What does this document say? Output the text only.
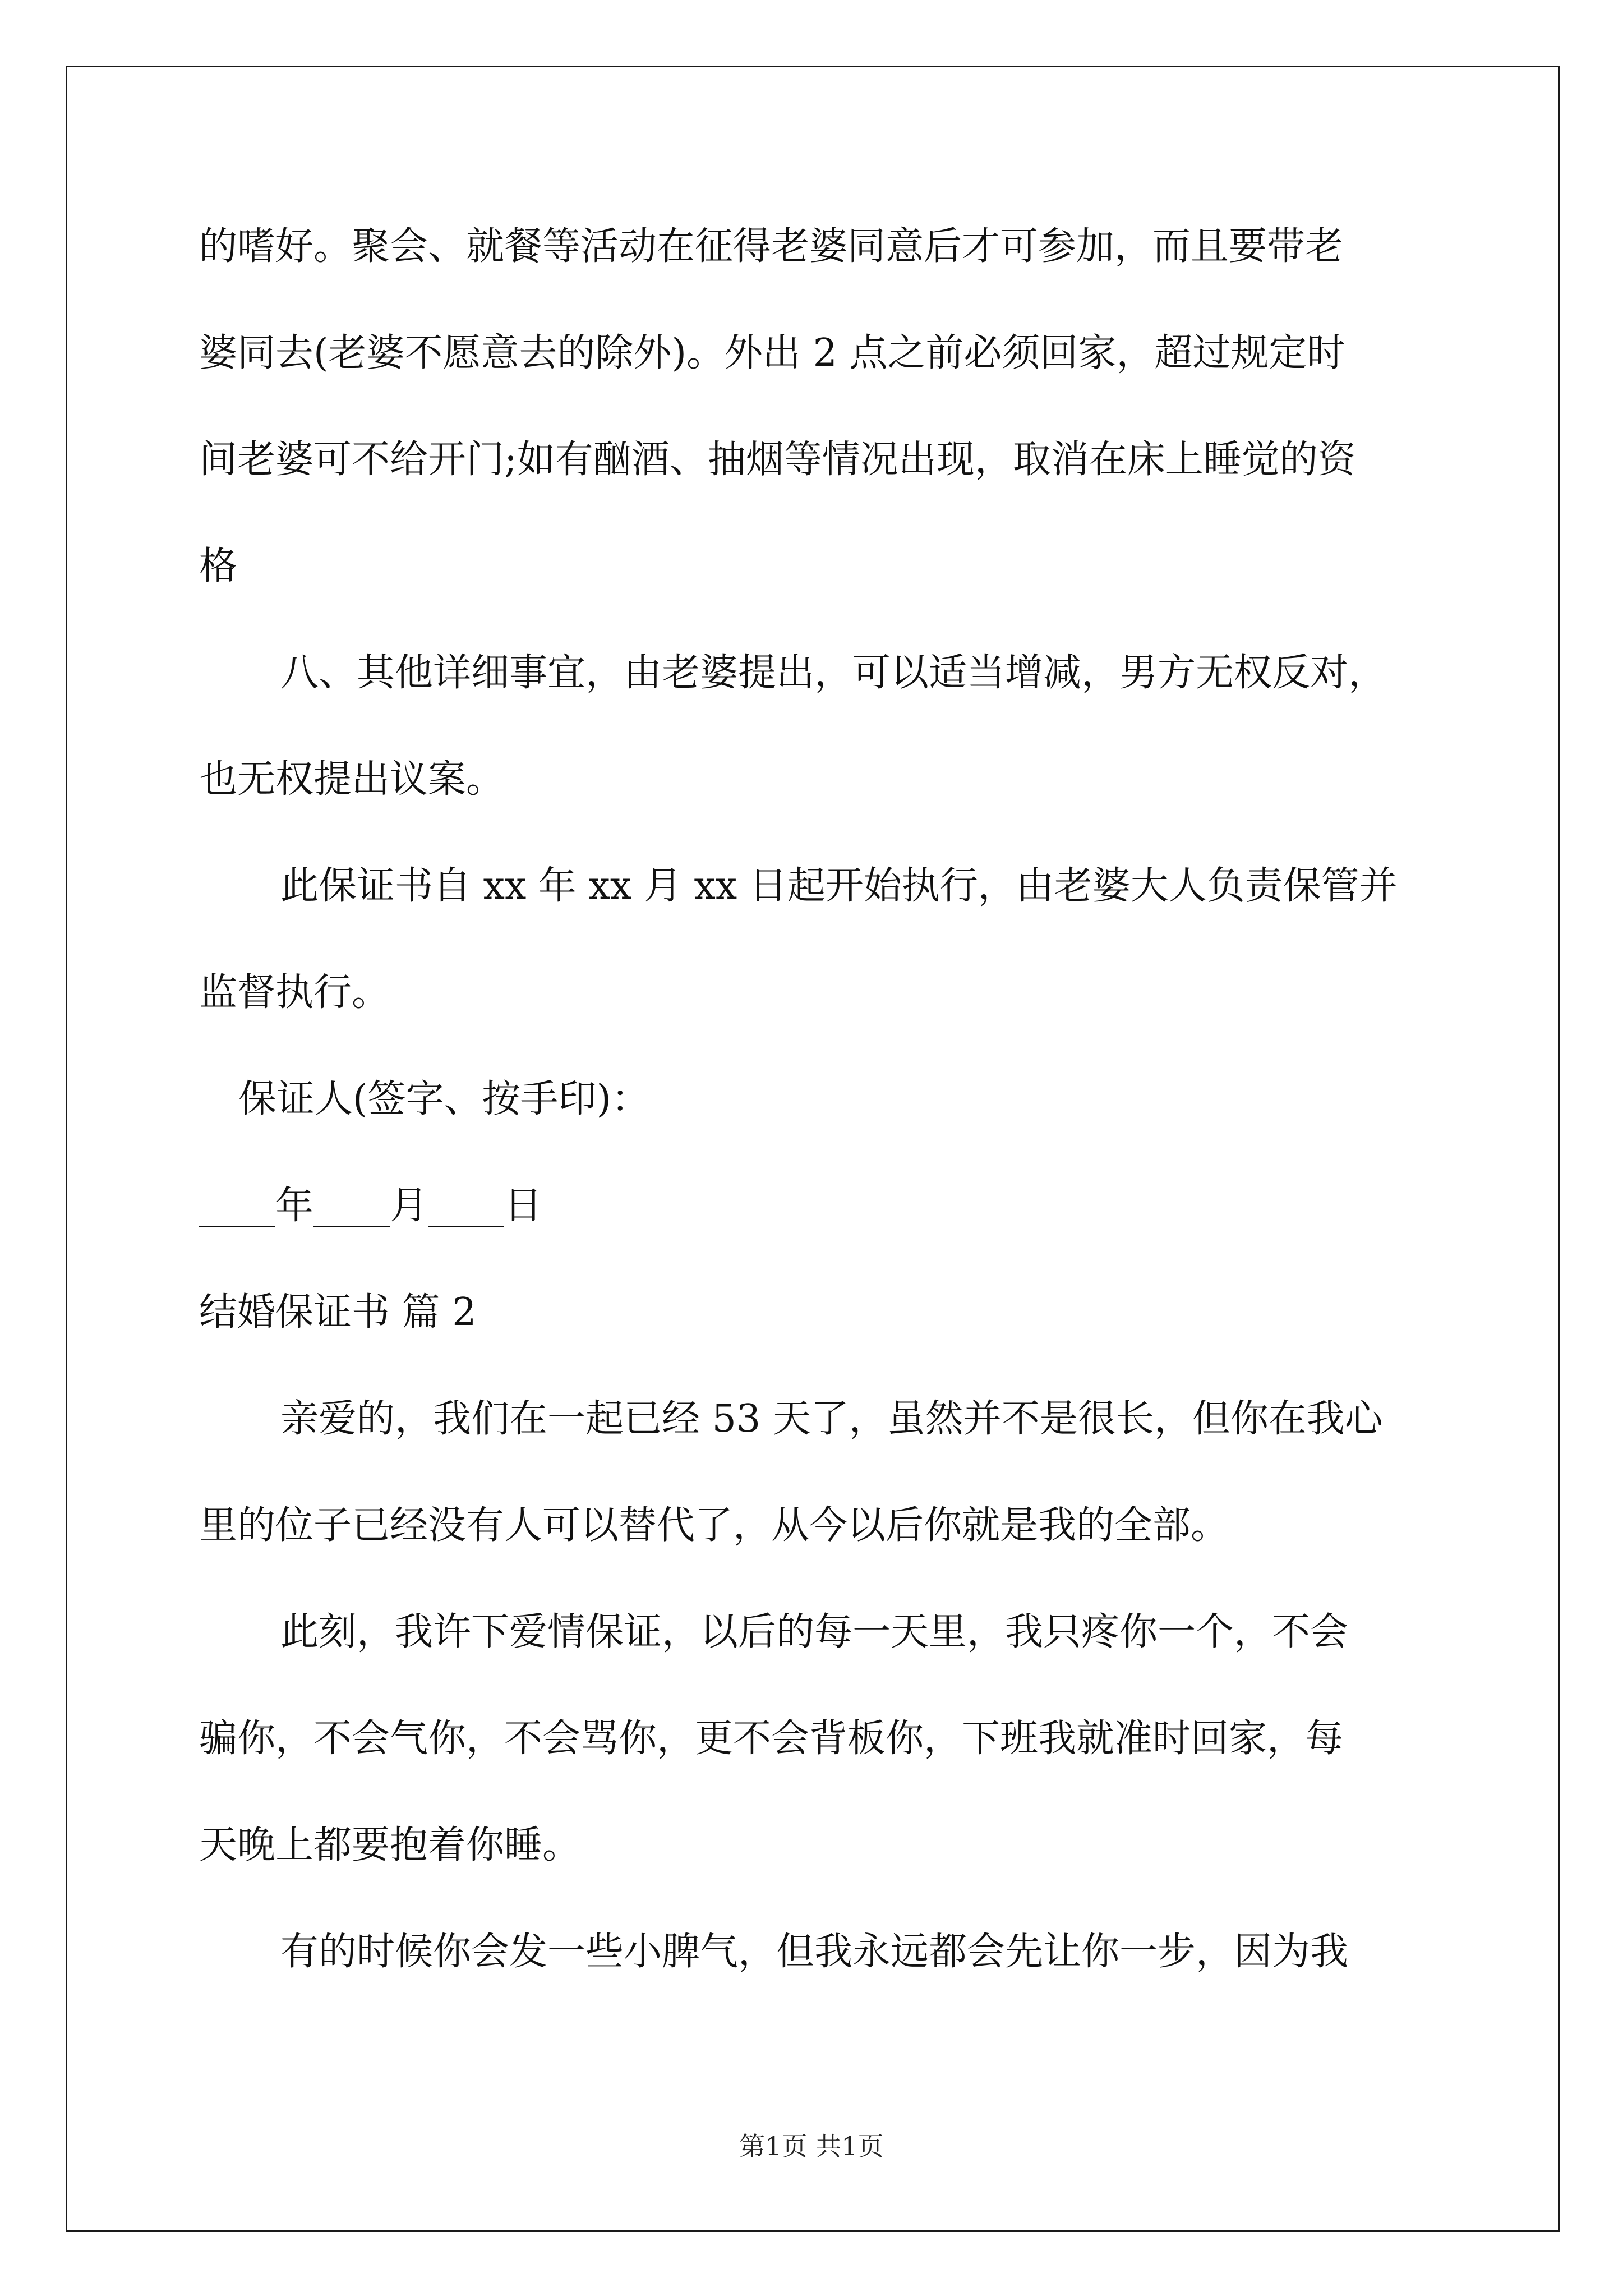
的嗜好。聚会、就餐等活动在征得老婆同意后才可参加，而且要带老
婆同去(老婆不愿意去的除外)。外出 2 点之前必须回家，超过规定时
间老婆可不给开门;如有酗酒、抽烟等情况出现，取消在床上睡觉的资
格
八、其他详细事宜，由老婆提出，可以适当增减，男方无权反对，
也无权提出议案。
此保证书自 xx 年 xx 月 xx 日起开始执行，由老婆大人负责保管并
监督执行。
保证人(签字、按手印)：
____年____月____日
结婚保证书 篇 2
亲爱的，我们在一起已经 53 天了，虽然并不是很长，但你在我心
里的位子已经没有人可以替代了，从今以后你就是我的全部。
此刻，我许下爱情保证，以后的每一天里，我只疼你一个，不会
骗你，不会气你，不会骂你，更不会背板你，下班我就准时回家，每
天晚上都要抱着你睡。
有的时候你会发一些小脾气，但我永远都会先让你一步，因为我
第1页 共1页
